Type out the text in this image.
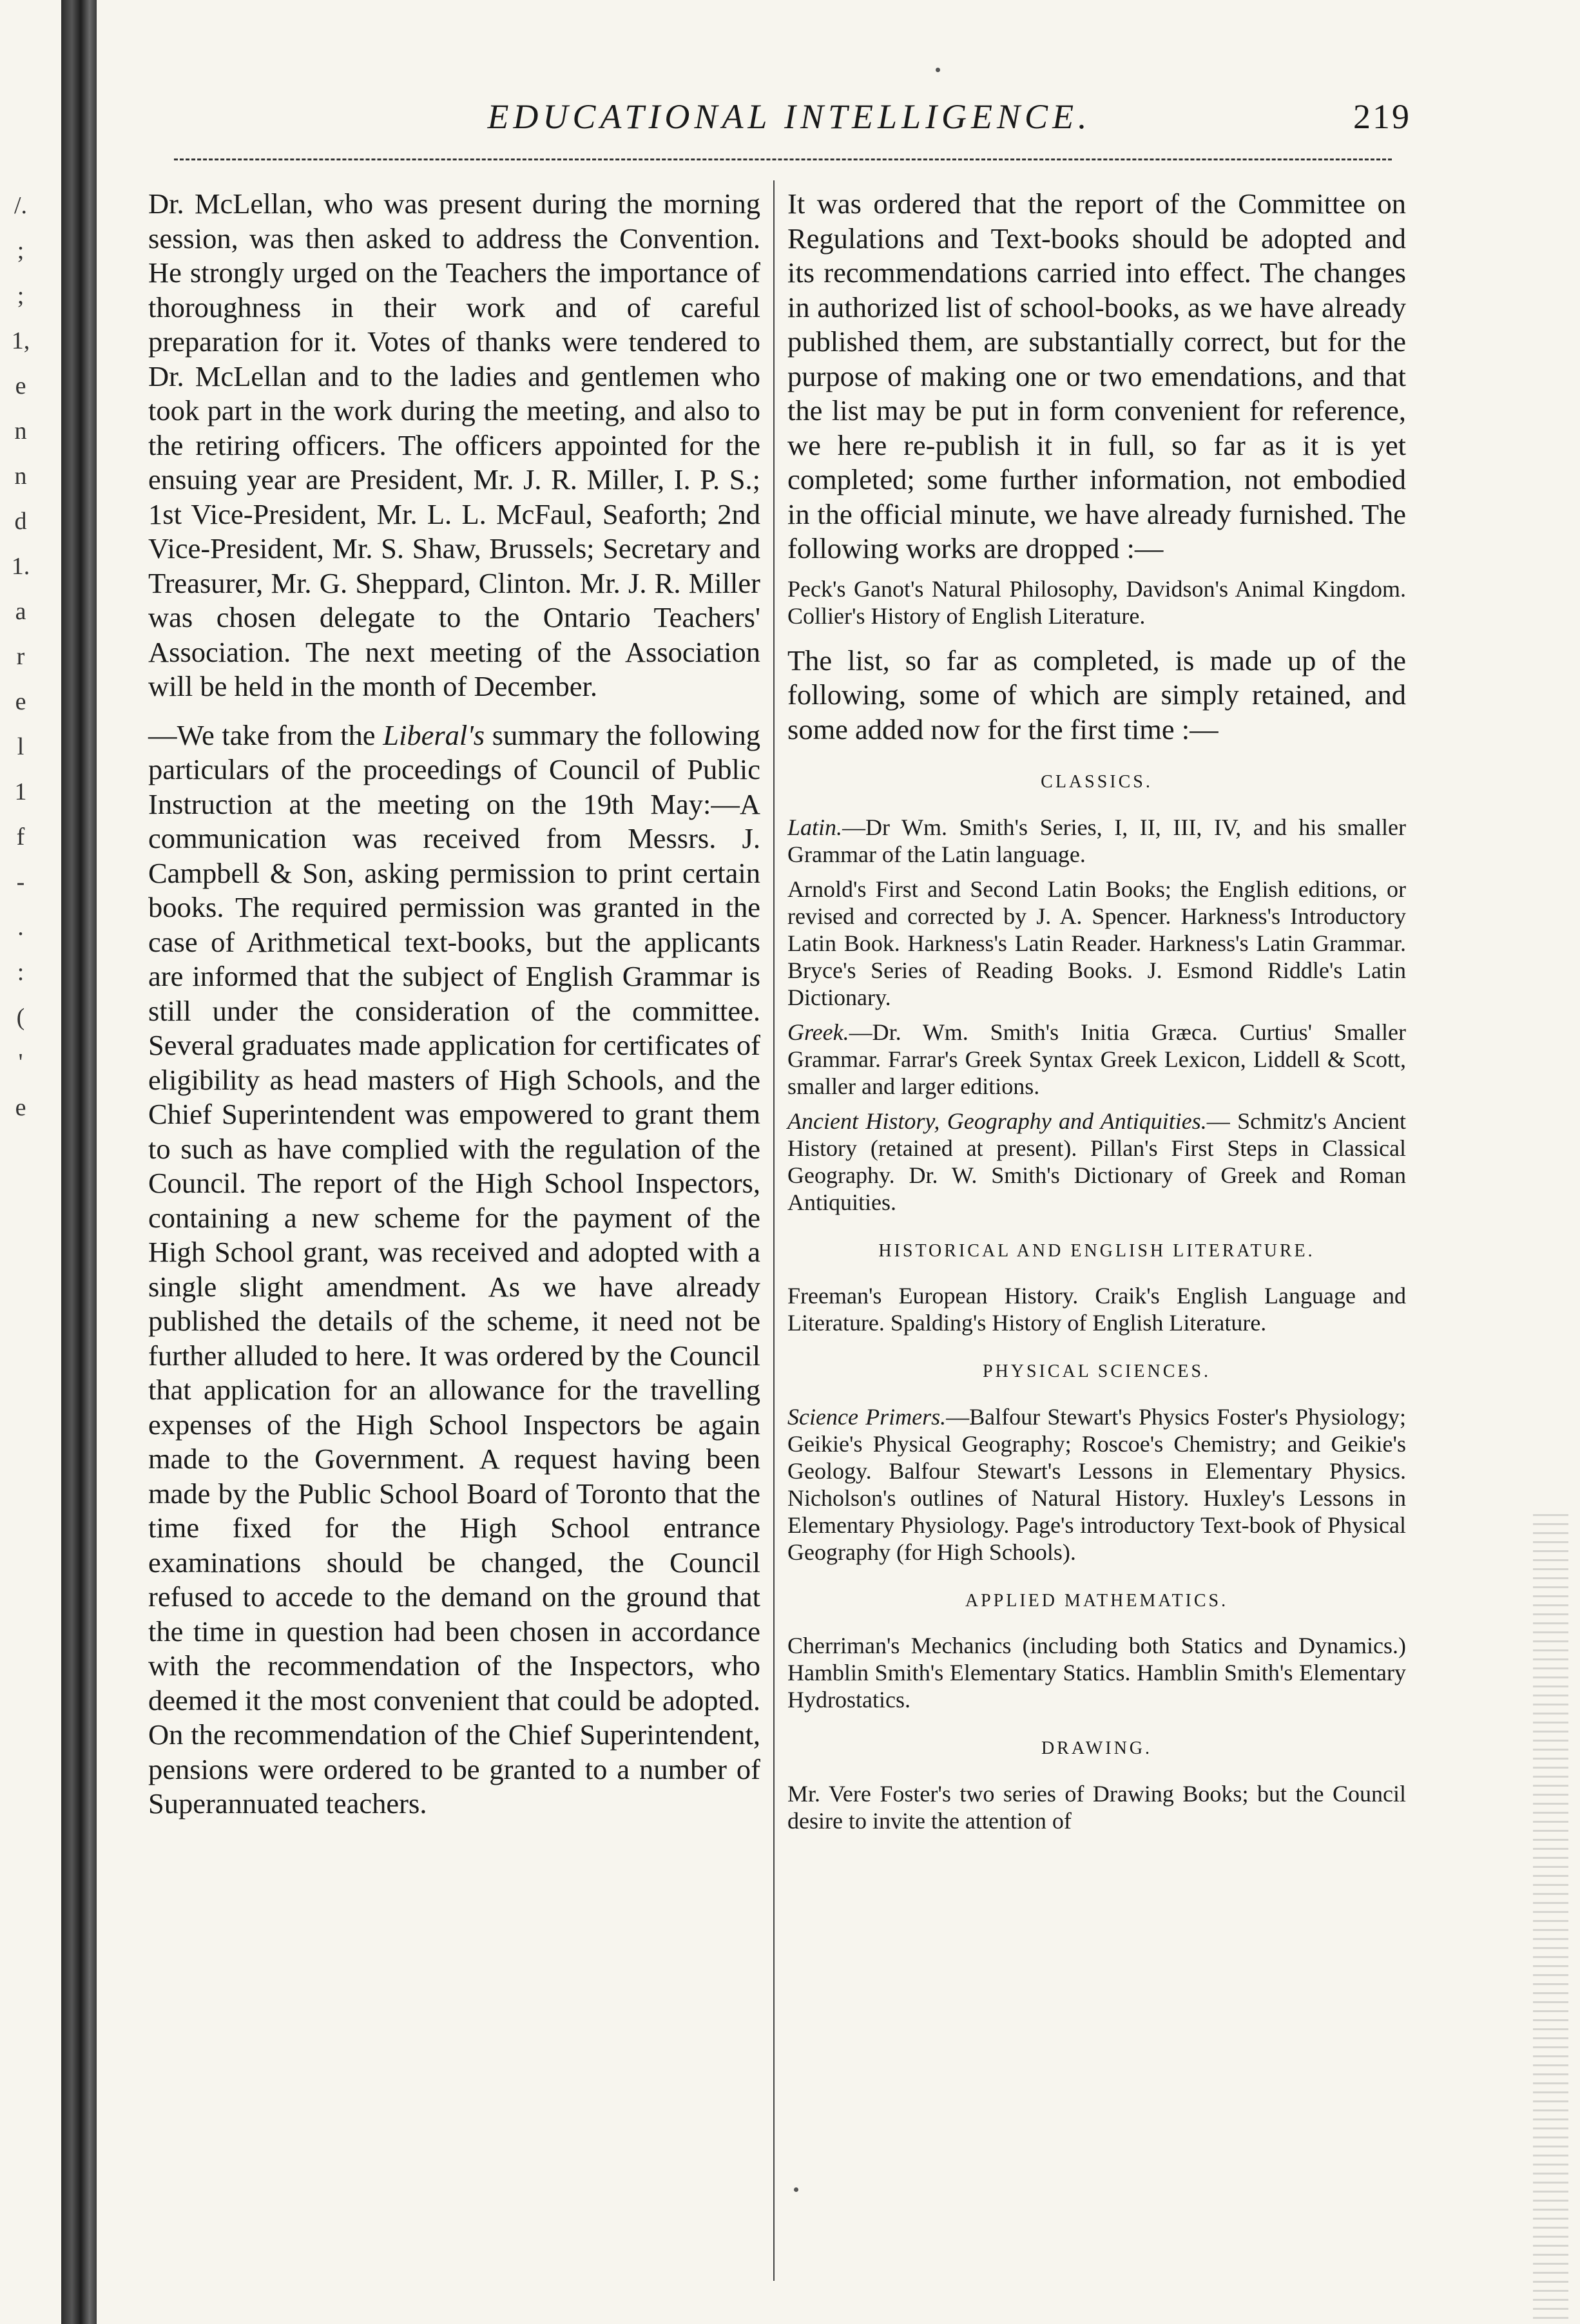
/.
;
;
1,
e
n
n
d
1.
a
r
e
l
1
f
-
.
:
(
'
e
EDUCATIONAL INTELLIGENCE.	219

Dr. McLellan, who was present during the morning session, was then asked to address the Convention. He strongly urged on the Teachers the importance of thoroughness in their work and of careful preparation for it. Votes of thanks were tendered to Dr. McLellan and to the ladies and gentlemen who took part in the work during the meeting, and also to the retiring officers. The officers appointed for the ensuing year are President, Mr. J. R. Miller, I. P. S.; 1st Vice-President, Mr. L. L. McFaul, Seaforth; 2nd Vice-President, Mr. S. Shaw, Brussels; Secretary and Treasurer, Mr. G. Sheppard, Clinton. Mr. J. R. Miller was chosen delegate to the Ontario Teachers' Association. The next meeting of the Association will be held in the month of December.

—We take from the Liberal's summary the following particulars of the proceedings of Council of Public Instruction at the meeting on the 19th May:—A communication was received from Messrs. J. Campbell & Son, asking permission to print certain books. The required permission was granted in the case of Arithmetical text-books, but the applicants are informed that the subject of English Grammar is still under the consideration of the committee. Several graduates made application for certificates of eligibility as head masters of High Schools, and the Chief Superintendent was empowered to grant them to such as have complied with the regulation of the Council. The report of the High School Inspectors, containing a new scheme for the payment of the High School grant, was received and adopted with a single slight amendment. As we have already published the details of the scheme, it need not be further alluded to here. It was ordered by the Council that application for an allowance for the travelling expenses of the High School Inspectors be again made to the Government. A request having been made by the Public School Board of Toronto that the time fixed for the High School entrance examinations should be changed, the Council refused to accede to the demand on the ground that the time in question had been chosen in accordance with the recommendation of the Inspectors, who deemed it the most convenient that could be adopted. On the recommendation of the Chief Superintendent, pensions were ordered to be granted to a number of Superannuated teachers.

It was ordered that the report of the Committee on Regulations and Text-books should be adopted and its recommendations carried into effect. The changes in authorized list of school-books, as we have already published them, are substantially correct, but for the purpose of making one or two emendations, and that the list may be put in form convenient for reference, we here re-publish it in full, so far as it is yet completed; some further information, not embodied in the official minute, we have already furnished. The following works are dropped :—

Peck's Ganot's Natural Philosophy, Davidson's Animal Kingdom. Collier's History of English Literature.

The list, so far as completed, is made up of the following, some of which are simply retained, and some added now for the first time :—

CLASSICS.

Latin.—Dr Wm. Smith's Series, I, II, III, IV, and his smaller Grammar of the Latin language.

Arnold's First and Second Latin Books; the English editions, or revised and corrected by J. A. Spencer. Harkness's Introductory Latin Book. Harkness's Latin Reader. Harkness's Latin Grammar. Bryce's Series of Reading Books. J. Esmond Riddle's Latin Dictionary.

Greek.—Dr. Wm. Smith's Initia Græca. Curtius' Smaller Grammar. Farrar's Greek Syntax Greek Lexicon, Liddell & Scott, smaller and larger editions.

Ancient History, Geography and Antiquities.— Schmitz's Ancient History (retained at present). Pillan's First Steps in Classical Geography. Dr. W. Smith's Dictionary of Greek and Roman Antiquities.

HISTORICAL AND ENGLISH LITERATURE.

Freeman's European History. Craik's English Language and Literature. Spalding's History of English Literature.

PHYSICAL SCIENCES.

Science Primers.—Balfour Stewart's Physics Foster's Physiology; Geikie's Physical Geography; Roscoe's Chemistry; and Geikie's Geology. Balfour Stewart's Lessons in Elementary Physics. Nicholson's outlines of Natural History. Huxley's Lessons in Elementary Physiology. Page's introductory Text-book of Physical Geography (for High Schools).

APPLIED MATHEMATICS.

Cherriman's Mechanics (including both Statics and Dynamics.) Hamblin Smith's Elementary Statics. Hamblin Smith's Elementary Hydrostatics.

DRAWING.

Mr. Vere Foster's two series of Drawing Books; but the Council desire to invite the attention of
